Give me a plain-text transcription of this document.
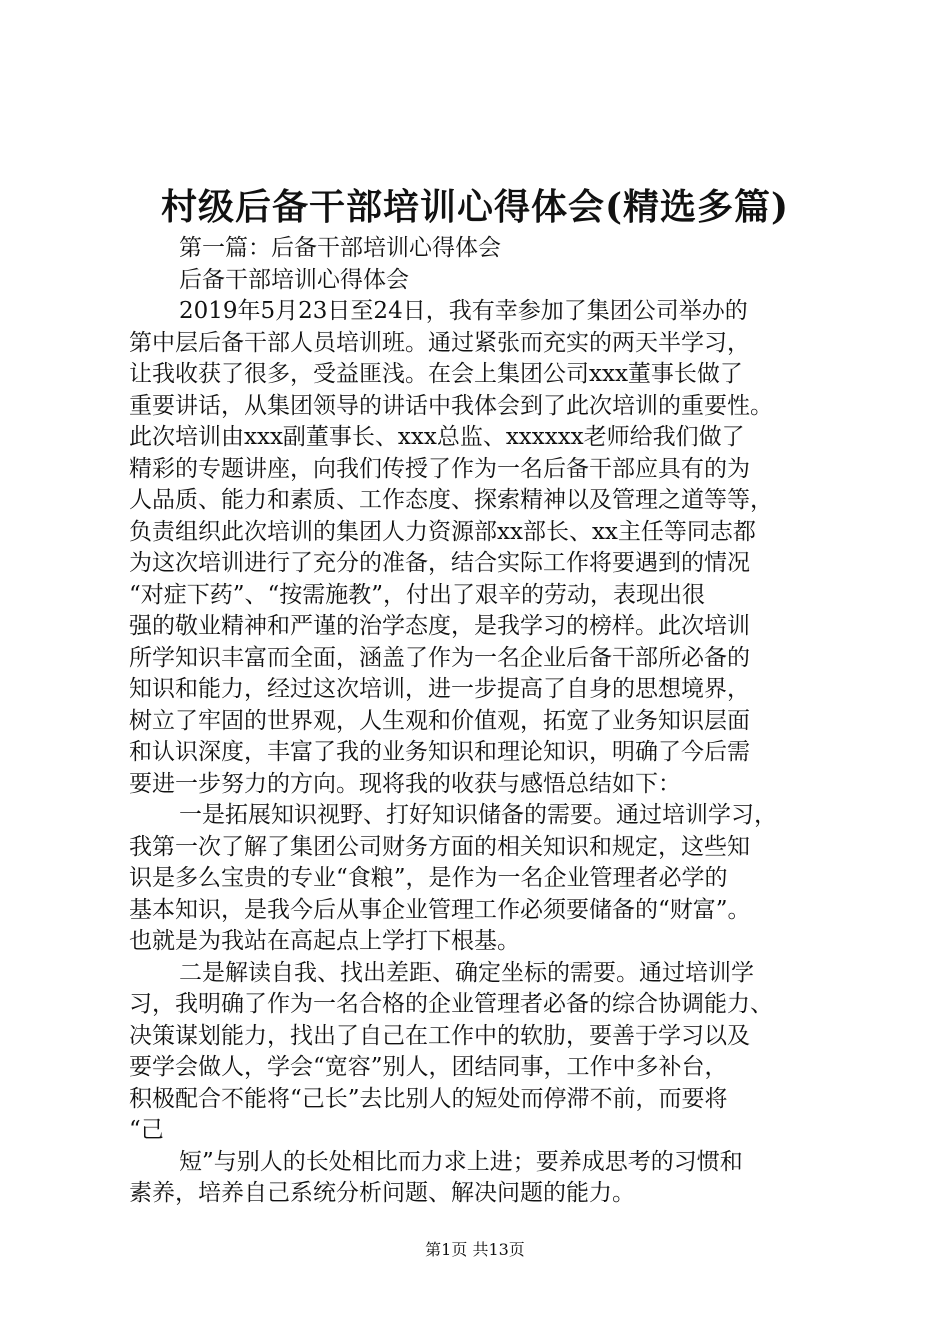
村级后备干部培训心得体会(精选多篇)
第一篇：后备干部培训心得体会
后备干部培训心得体会
2019年5月23日至24日，我有幸参加了集团公司举办的
第中层后备干部人员培训班。通过紧张而充实的两天半学习，
让我收获了很多，受益匪浅。在会上集团公司xxx董事长做了
重要讲话，从集团领导的讲话中我体会到了此次培训的重要性。
此次培训由xxx副董事长、xxx总监、xxxxxx老师给我们做了
精彩的专题讲座，向我们传授了作为一名后备干部应具有的为
人品质、能力和素质、工作态度、探索精神以及管理之道等等，
负责组织此次培训的集团人力资源部xx部长、xx主任等同志都
为这次培训进行了充分的准备，结合实际工作将要遇到的情况
“对症下药”、“按需施教”，付出了艰辛的劳动，表现出很
强的敬业精神和严谨的治学态度，是我学习的榜样。此次培训
所学知识丰富而全面，涵盖了作为一名企业后备干部所必备的
知识和能力，经过这次培训，进一步提高了自身的思想境界，
树立了牢固的世界观，人生观和价值观，拓宽了业务知识层面
和认识深度，丰富了我的业务知识和理论知识，明确了今后需
要进一步努力的方向。现将我的收获与感悟总结如下：
一是拓展知识视野、打好知识储备的需要。通过培训学习，
我第一次了解了集团公司财务方面的相关知识和规定，这些知
识是多么宝贵的专业“食粮”，是作为一名企业管理者必学的
基本知识，是我今后从事企业管理工作必须要储备的“财富”。
也就是为我站在高起点上学打下根基。
二是解读自我、找出差距、确定坐标的需要。通过培训学
习，我明确了作为一名合格的企业管理者必备的综合协调能力、
决策谋划能力，找出了自己在工作中的软肋，要善于学习以及
要学会做人，学会“宽容”别人，团结同事，工作中多补台，
积极配合不能将“己长”去比别人的短处而停滞不前，而要将
“己
短”与别人的长处相比而力求上进；要养成思考的习惯和
素养，培养自己系统分析问题、解决问题的能力。
第1页 共13页
